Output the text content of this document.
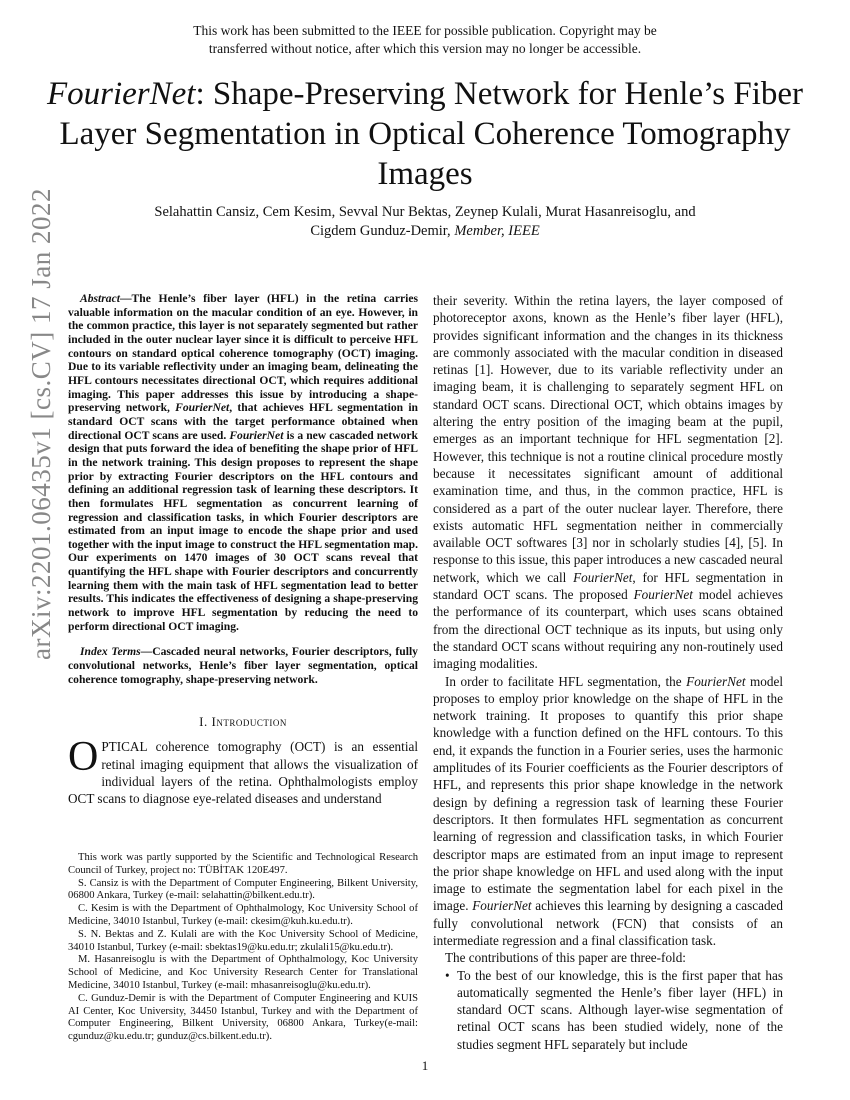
This work has been submitted to the IEEE for possible publication. Copyright may be
transferred without notice, after which this version may no longer be accessible.
FourierNet: Shape-Preserving Network for Henle’s Fiber Layer Segmentation in Optical Coherence Tomography Images
Selahattin Cansiz, Cem Kesim, Sevval Nur Bektas, Zeynep Kulali, Murat Hasanreisoglu, and
Cigdem Gunduz-Demir, Member, IEEE
arXiv:2201.06435v1 [cs.CV] 17 Jan 2022	Abstract—The Henle’s fiber layer (HFL) in the retina carries valuable information on the macular condition of an eye. However, in the common practice, this layer is not separately segmented but rather included in the outer nuclear layer since it is difficult to perceive HFL contours on standard optical coherence tomography (OCT) imaging. Due to its variable reflectivity under an imaging beam, delineating the HFL contours necessitates directional OCT, which requires additional imaging. This paper addresses this issue by introducing a shape-preserving network, FourierNet, that achieves HFL segmentation in standard OCT scans with the target performance obtained when directional OCT scans are used. FourierNet is a new cascaded network design that puts forward the idea of benefiting the shape prior of HFL in the network training. This design proposes to represent the shape prior by extracting Fourier descriptors on the HFL contours and defining an additional regression task of learning these descriptors. It then formulates HFL segmentation as concurrent learning of regression and classification tasks, in which Fourier descriptors are estimated from an input image to encode the shape prior and used together with the input image to construct the HFL segmentation map. Our experiments on 1470 images of 30 OCT scans reveal that quantifying the HFL shape with Fourier descriptors and concurrently learning them with the main task of HFL segmentation lead to better results. This indicates the effectiveness of designing a shape-preserving network to improve HFL segmentation by reducing the need to perform directional OCT imaging.
Index Terms—Cascaded neural networks, Fourier descriptors, fully convolutional networks, Henle’s fiber layer segmentation, optical coherence tomography, shape-preserving network.
I. Introduction
OPTICAL coherence tomography (OCT) is an essential retinal imaging equipment that allows the visualization of individual layers of the retina. Ophthalmologists employ OCT scans to diagnose eye-related diseases and understand

This work was partly supported by the Scientific and Technological Research Council of Turkey, project no: TÜBİTAK 120E497.

S. Cansiz is with the Department of Computer Engineering, Bilkent University, 06800 Ankara, Turkey (e-mail: selahattin@bilkent.edu.tr).

C. Kesim is with the Department of Ophthalmology, Koc University School of Medicine, 34010 Istanbul, Turkey (e-mail: ckesim@kuh.ku.edu.tr).

S. N. Bektas and Z. Kulali are with the Koc University School of Medicine, 34010 Istanbul, Turkey (e-mail: sbektas19@ku.edu.tr; zkulali15@ku.edu.tr).

M. Hasanreisoglu is with the Department of Ophthalmology, Koc University School of Medicine, and Koc University Research Center for Translational Medicine, 34010 Istanbul, Turkey (e-mail: mhasanreisoglu@ku.edu.tr).

C. Gunduz-Demir is with the Department of Computer Engineering and KUIS AI Center, Koc University, 34450 Istanbul, Turkey and with the Department of Computer Engineering, Bilkent University, 06800 Ankara, Turkey(e-mail: cgunduz@ku.edu.tr; gunduz@cs.bilkent.edu.tr).

their severity. Within the retina layers, the layer composed of photoreceptor axons, known as the Henle’s fiber layer (HFL), provides significant information and the changes in its thickness are commonly associated with the macular condition in diseased retinas [1]. However, due to its variable reflectivity under an imaging beam, it is challenging to separately segment HFL on standard OCT scans. Directional OCT, which obtains images by altering the entry position of the imaging beam at the pupil, emerges as an important technique for HFL segmentation [2]. However, this technique is not a routine clinical procedure mostly because it necessitates significant amount of additional examination time, and thus, in the common practice, HFL is considered as a part of the outer nuclear layer. Therefore, there exists automatic HFL segmentation neither in commercially available OCT softwares [3] nor in scholarly studies [4], [5]. In response to this issue, this paper introduces a new cascaded neural network, which we call FourierNet, for HFL segmentation in standard OCT scans. The proposed FourierNet model achieves the performance of its counterpart, which uses scans obtained from the directional OCT technique as its inputs, but using only the standard OCT scans without requiring any non-routinely used imaging modalities.

In order to facilitate HFL segmentation, the FourierNet model proposes to employ prior knowledge on the shape of HFL in the network training. It proposes to quantify this prior shape knowledge with a function defined on the HFL contours. To this end, it expands the function in a Fourier series, uses the harmonic amplitudes of its Fourier coefficients as the Fourier descriptors of HFL, and represents this prior shape knowledge in the network design by defining a regression task of learning these Fourier descriptors. It then formulates HFL segmentation as concurrent learning of regression and classification tasks, in which Fourier descriptor maps are estimated from an input image to represent the prior shape knowledge on HFL and used along with the input image to estimate the segmentation label for each pixel in the image. FourierNet achieves this learning by designing a cascaded fully convolutional network (FCN) that consists of an intermediate regression and a final classification task.

The contributions of this paper are three-fold:

• To the best of our knowledge, this is the first paper that has automatically segmented the Henle’s fiber layer (HFL) in standard OCT scans. Although layer-wise segmentation of retinal OCT scans has been studied widely, none of the studies segment HFL separately but include

1
